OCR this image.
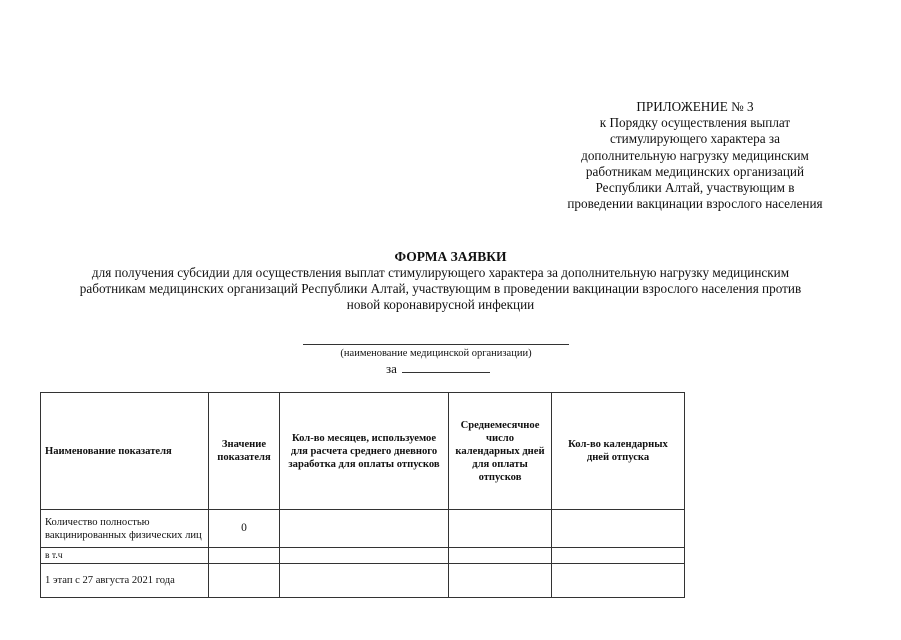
ПРИЛОЖЕНИЕ № 3
к Порядку осуществления выплат
стимулирующего характера за
дополнительную нагрузку медицинским
работникам медицинских организаций
Республики Алтай, участвующим в
проведении вакцинации взрослого населения
ФОРМА ЗАЯВКИ
для получения субсидии для осуществления выплат стимулирующего характера за дополнительную нагрузку медицинским
работникам медицинских организаций Республики Алтай, участвующим в проведении вакцинации взрослого населения против
новой коронавирусной инфекции
(наименование медицинской организации)
за
Наименование показателя	Значение показателя	Кол-во месяцев, используемое для расчета среднего дневного заработка для оплаты отпусков	Среднемесячное число календарных дней для оплаты отпусков	Кол-во календарных дней отпуска
Количество полностью вакцинированных физических лиц	0			
в т.ч				
1 этап с 27 августа 2021 года				
